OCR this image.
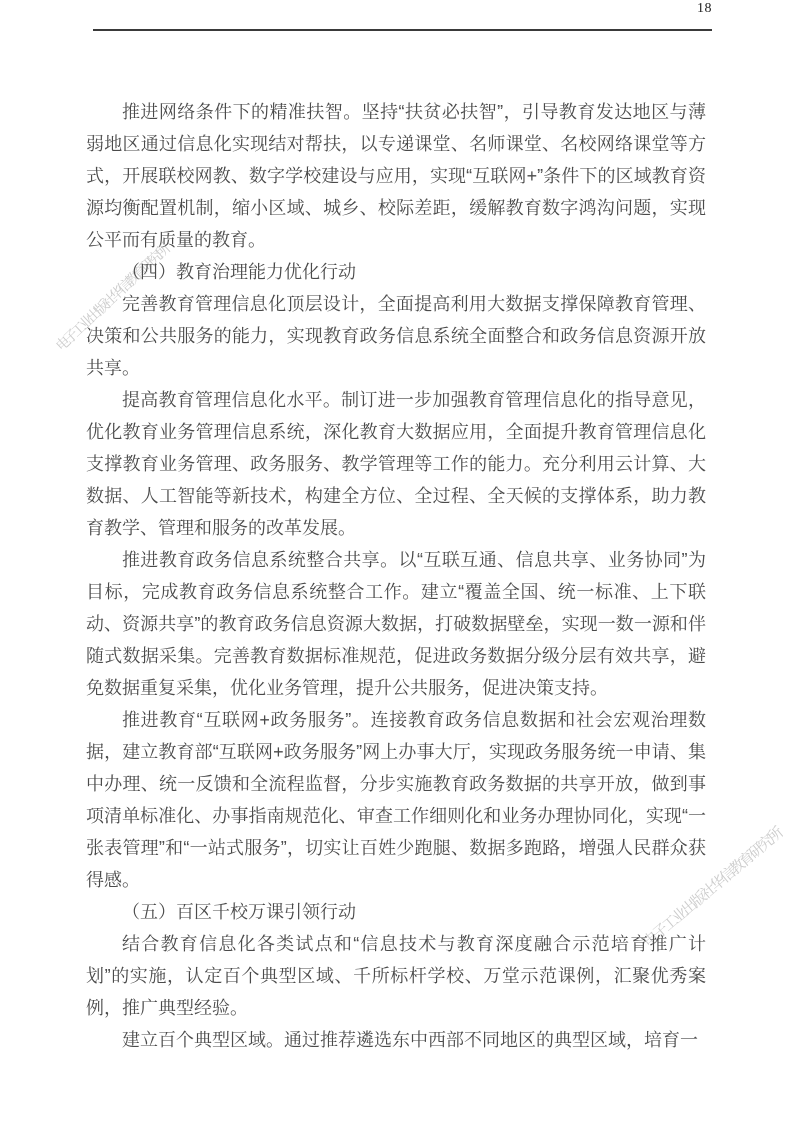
电子工业出版社华信教育研究所
电子工业出版社华信教育研究所
18

推进网络条件下的精准扶智。坚持“扶贫必扶智”，引导教育发达地区与薄弱地区通过信息化实现结对帮扶，以专递课堂、名师课堂、名校网络课堂等方式，开展联校网教、数字学校建设与应用，实现“互联网+”条件下的区域教育资源均衡配置机制，缩小区域、城乡、校际差距，缓解教育数字鸿沟问题，实现公平而有质量的教育。

（四）教育治理能力优化行动

完善教育管理信息化顶层设计，全面提高利用大数据支撑保障教育管理、决策和公共服务的能力，实现教育政务信息系统全面整合和政务信息资源开放共享。

提高教育管理信息化水平。制订进一步加强教育管理信息化的指导意见，优化教育业务管理信息系统，深化教育大数据应用，全面提升教育管理信息化支撑教育业务管理、政务服务、教学管理等工作的能力。充分利用云计算、大数据、人工智能等新技术，构建全方位、全过程、全天候的支撑体系，助力教育教学、管理和服务的改革发展。

推进教育政务信息系统整合共享。以“互联互通、信息共享、业务协同”为目标，完成教育政务信息系统整合工作。建立“覆盖全国、统一标准、上下联动、资源共享”的教育政务信息资源大数据，打破数据壁垒，实现一数一源和伴随式数据采集。完善教育数据标准规范，促进政务数据分级分层有效共享，避免数据重复采集，优化业务管理，提升公共服务，促进决策支持。

推进教育“互联网+政务服务”。连接教育政务信息数据和社会宏观治理数据，建立教育部“互联网+政务服务”网上办事大厅，实现政务服务统一申请、集中办理、统一反馈和全流程监督，分步实施教育政务数据的共享开放，做到事项清单标准化、办事指南规范化、审查工作细则化和业务办理协同化，实现“一张表管理”和“一站式服务”，切实让百姓少跑腿、数据多跑路，增强人民群众获得感。

（五）百区千校万课引领行动

结合教育信息化各类试点和“信息技术与教育深度融合示范培育推广计划”的实施，认定百个典型区域、千所标杆学校、万堂示范课例，汇聚优秀案例，推广典型经验。

建立百个典型区域。通过推荐遴选东中西部不同地区的典型区域，培育一
